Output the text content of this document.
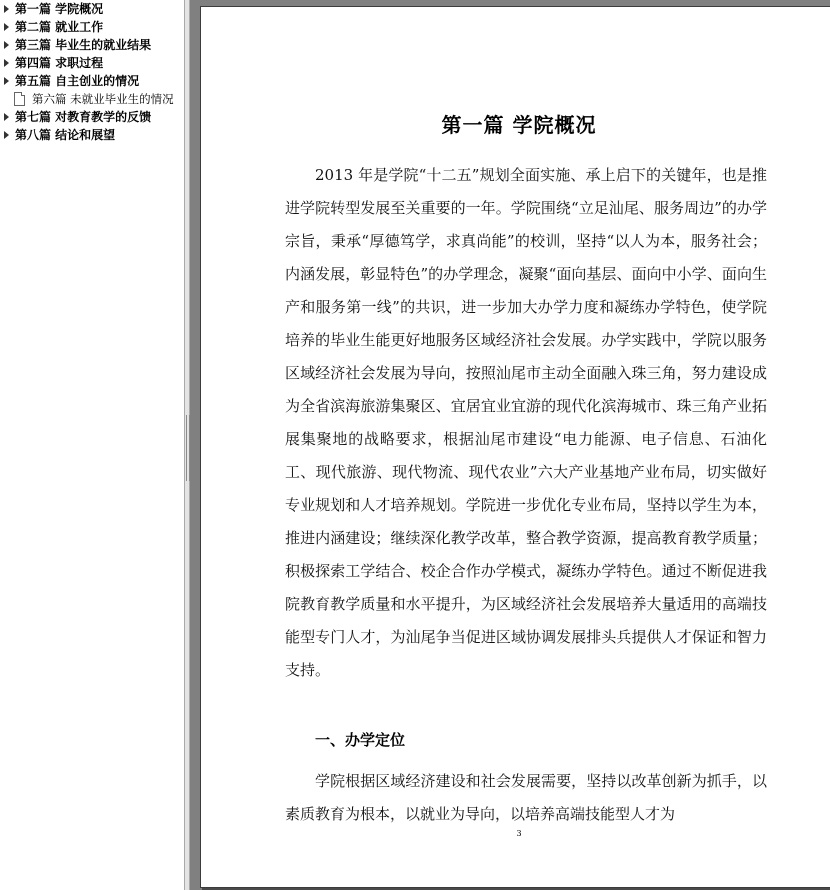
第一篇 学院概况
第二篇 就业工作
第三篇 毕业生的就业结果
第四篇 求职过程
第五篇 自主创业的情况
第六篇 未就业毕业生的情况
第七篇 对教育教学的反馈
第八篇 结论和展望	第一篇 学院概况

2013 年是学院“十二五”规划全面实施、承上启下的关键年，也是推进学院转型发展至关重要的一年。学院围绕“立足汕尾、服务周边”的办学宗旨，秉承“厚德笃学，求真尚能”的校训，坚持“以人为本，服务社会；内涵发展，彰显特色”的办学理念，凝聚“面向基层、面向中小学、面向生产和服务第一线”的共识，进一步加大办学力度和凝练办学特色，使学院培养的毕业生能更好地服务区域经济社会发展。办学实践中，学院以服务区域经济社会发展为导向，按照汕尾市主动全面融入珠三角，努力建设成为全省滨海旅游集聚区、宜居宜业宜游的现代化滨海城市、珠三角产业拓展集聚地的战略要求，根据汕尾市建设“电力能源、电子信息、石油化工、现代旅游、现代物流、现代农业”六大产业基地产业布局，切实做好专业规划和人才培养规划。学院进一步优化专业布局，坚持以学生为本，推进内涵建设；继续深化教学改革，整合教学资源，提高教育教学质量；积极探索工学结合、校企合作办学模式，凝练办学特色。通过不断促进我院教育教学质量和水平提升，为区域经济社会发展培养大量适用的高端技能型专门人才，为汕尾争当促进区域协调发展排头兵提供人才保证和智力支持。

一、办学定位

学院根据区域经济建设和社会发展需要，坚持以改革创新为抓手，以素质教育为根本，以就业为导向，以培养高端技能型人才为

3
